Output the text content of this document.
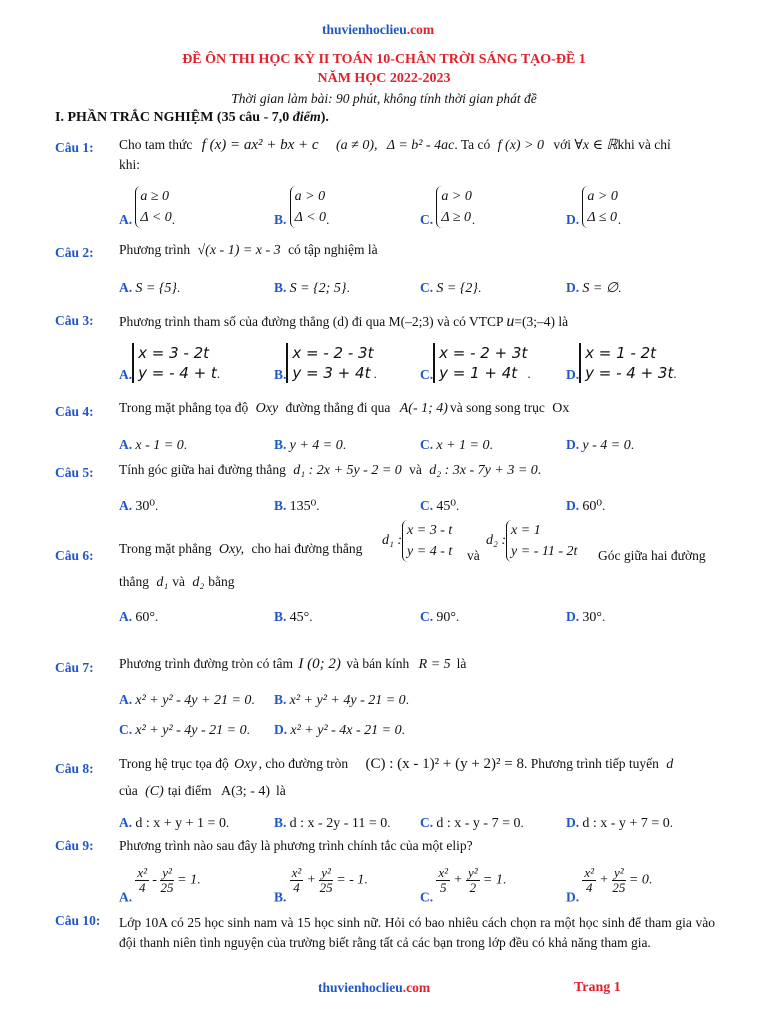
thuvienhoclieu.com
ĐỀ ÔN THI HỌC KỲ II TOÁN 10-CHÂN TRỜI SÁNG TẠO-ĐỀ 1
NĂM HỌC 2022-2023
Thời gian làm bài: 90 phút, không tính thời gian phát đề
I. PHẦN TRẮC NGHIỆM (35 câu - 7,0 điểm).
Câu 1: Cho tam thức f (x) = ax² + bx + c (a ≠ 0), Δ = b² - 4ac. Ta có f (x) > 0 với ∀x ∈ ℝkhi và chỉ
khi:
A. a ≥ 0
Δ < 0.	B. a > 0
Δ < 0.	C. a > 0
Δ ≥ 0.	D. a > 0
Δ ≤ 0.
Câu 2: Phương trình √(x - 1) = x - 3 có tập nghiệm là
A. S = {5}.	B. S = {2; 5}.	C. S = {2}.	D. S = ∅.
Câu 3: Phương trình tham số của đường thẳng (d) đi qua M(–2;3) và có VTCP u=(3;–4) là
A.x = 3 - 2t
y = - 4 + t.	B.x = - 2 - 3t
y = 3 + 4t .	C.x = - 2 + 3t
y = 1 + 4t .	D.x = 1 - 2t
y = - 4 + 3t.
Câu 4: Trong mặt phẳng tọa độ Oxy đường thẳng đi qua A(- 1; 4) và song song trục Ox
A. x - 1 = 0.	B. y + 4 = 0.	C. x + 1 = 0.	D. y - 4 = 0.
Câu 5: Tính góc giữa hai đường thẳng d₁ : 2x + 5y - 2 = 0 và d₂ : 3x - 7y + 3 = 0.
A. 30⁰.	B. 135⁰.	C. 45⁰.	D. 60⁰.
Câu 6: Trong mặt phẳng Oxy, cho hai đường thẳng
d₁ :x = 3 - t
y = 4 - t và
d₂ :x = 1
y = - 11 - 2t Góc giữa hai đường
thẳng d₁ và d₂ bằng
A. 60°.	B. 45°.	C. 90°.	D. 30°.
Câu 7: Phương trình đường tròn có tâm I (0; 2) và bán kính R = 5 là
A. x² + y² - 4y + 21 = 0. B. x² + y² + 4y - 21 = 0.
C. x² + y² - 4y - 21 = 0. D. x² + y² - 4x - 21 = 0.
Câu 8: Trong hệ trục tọa độ Oxy , cho đường tròn (C) : (x - 1)² + (y + 2)² = 8. Phương trình tiếp tuyến d
của (C) tại điểm A(3; - 4) là
A. d : x + y + 1 = 0.	B. d : x - 2y - 11 = 0. C. d : x - y - 7 = 0.	D. d : x - y + 7 = 0.
Câu 9: Phương trình nào sau đây là phương trình chính tắc của một elip?
A.
$\frac{\text{x²}}{4} - \frac{\text{y²}}{25} = 1$.
B.
$\frac{\text{x²}}{4} + \frac{\text{y²}}{25}$ = - 1.
C.
$\frac{\text{x²}}{5} + \frac{\text{y²}}{2} = 1$.
D.
$\frac{\text{x²}}{4} + \frac{\text{y²}}{25} = 0$.
Câu 10: Lớp 10A có 25 học sinh nam và 15 học sinh nữ. Hỏi có bao nhiêu cách chọn ra một học sinh để tham gia vào đội thanh niên tình nguyện của trường biết rằng tất cả các bạn trong lớp đều có khả năng tham gia.
thuvienhoclieu.com	Trang 1
